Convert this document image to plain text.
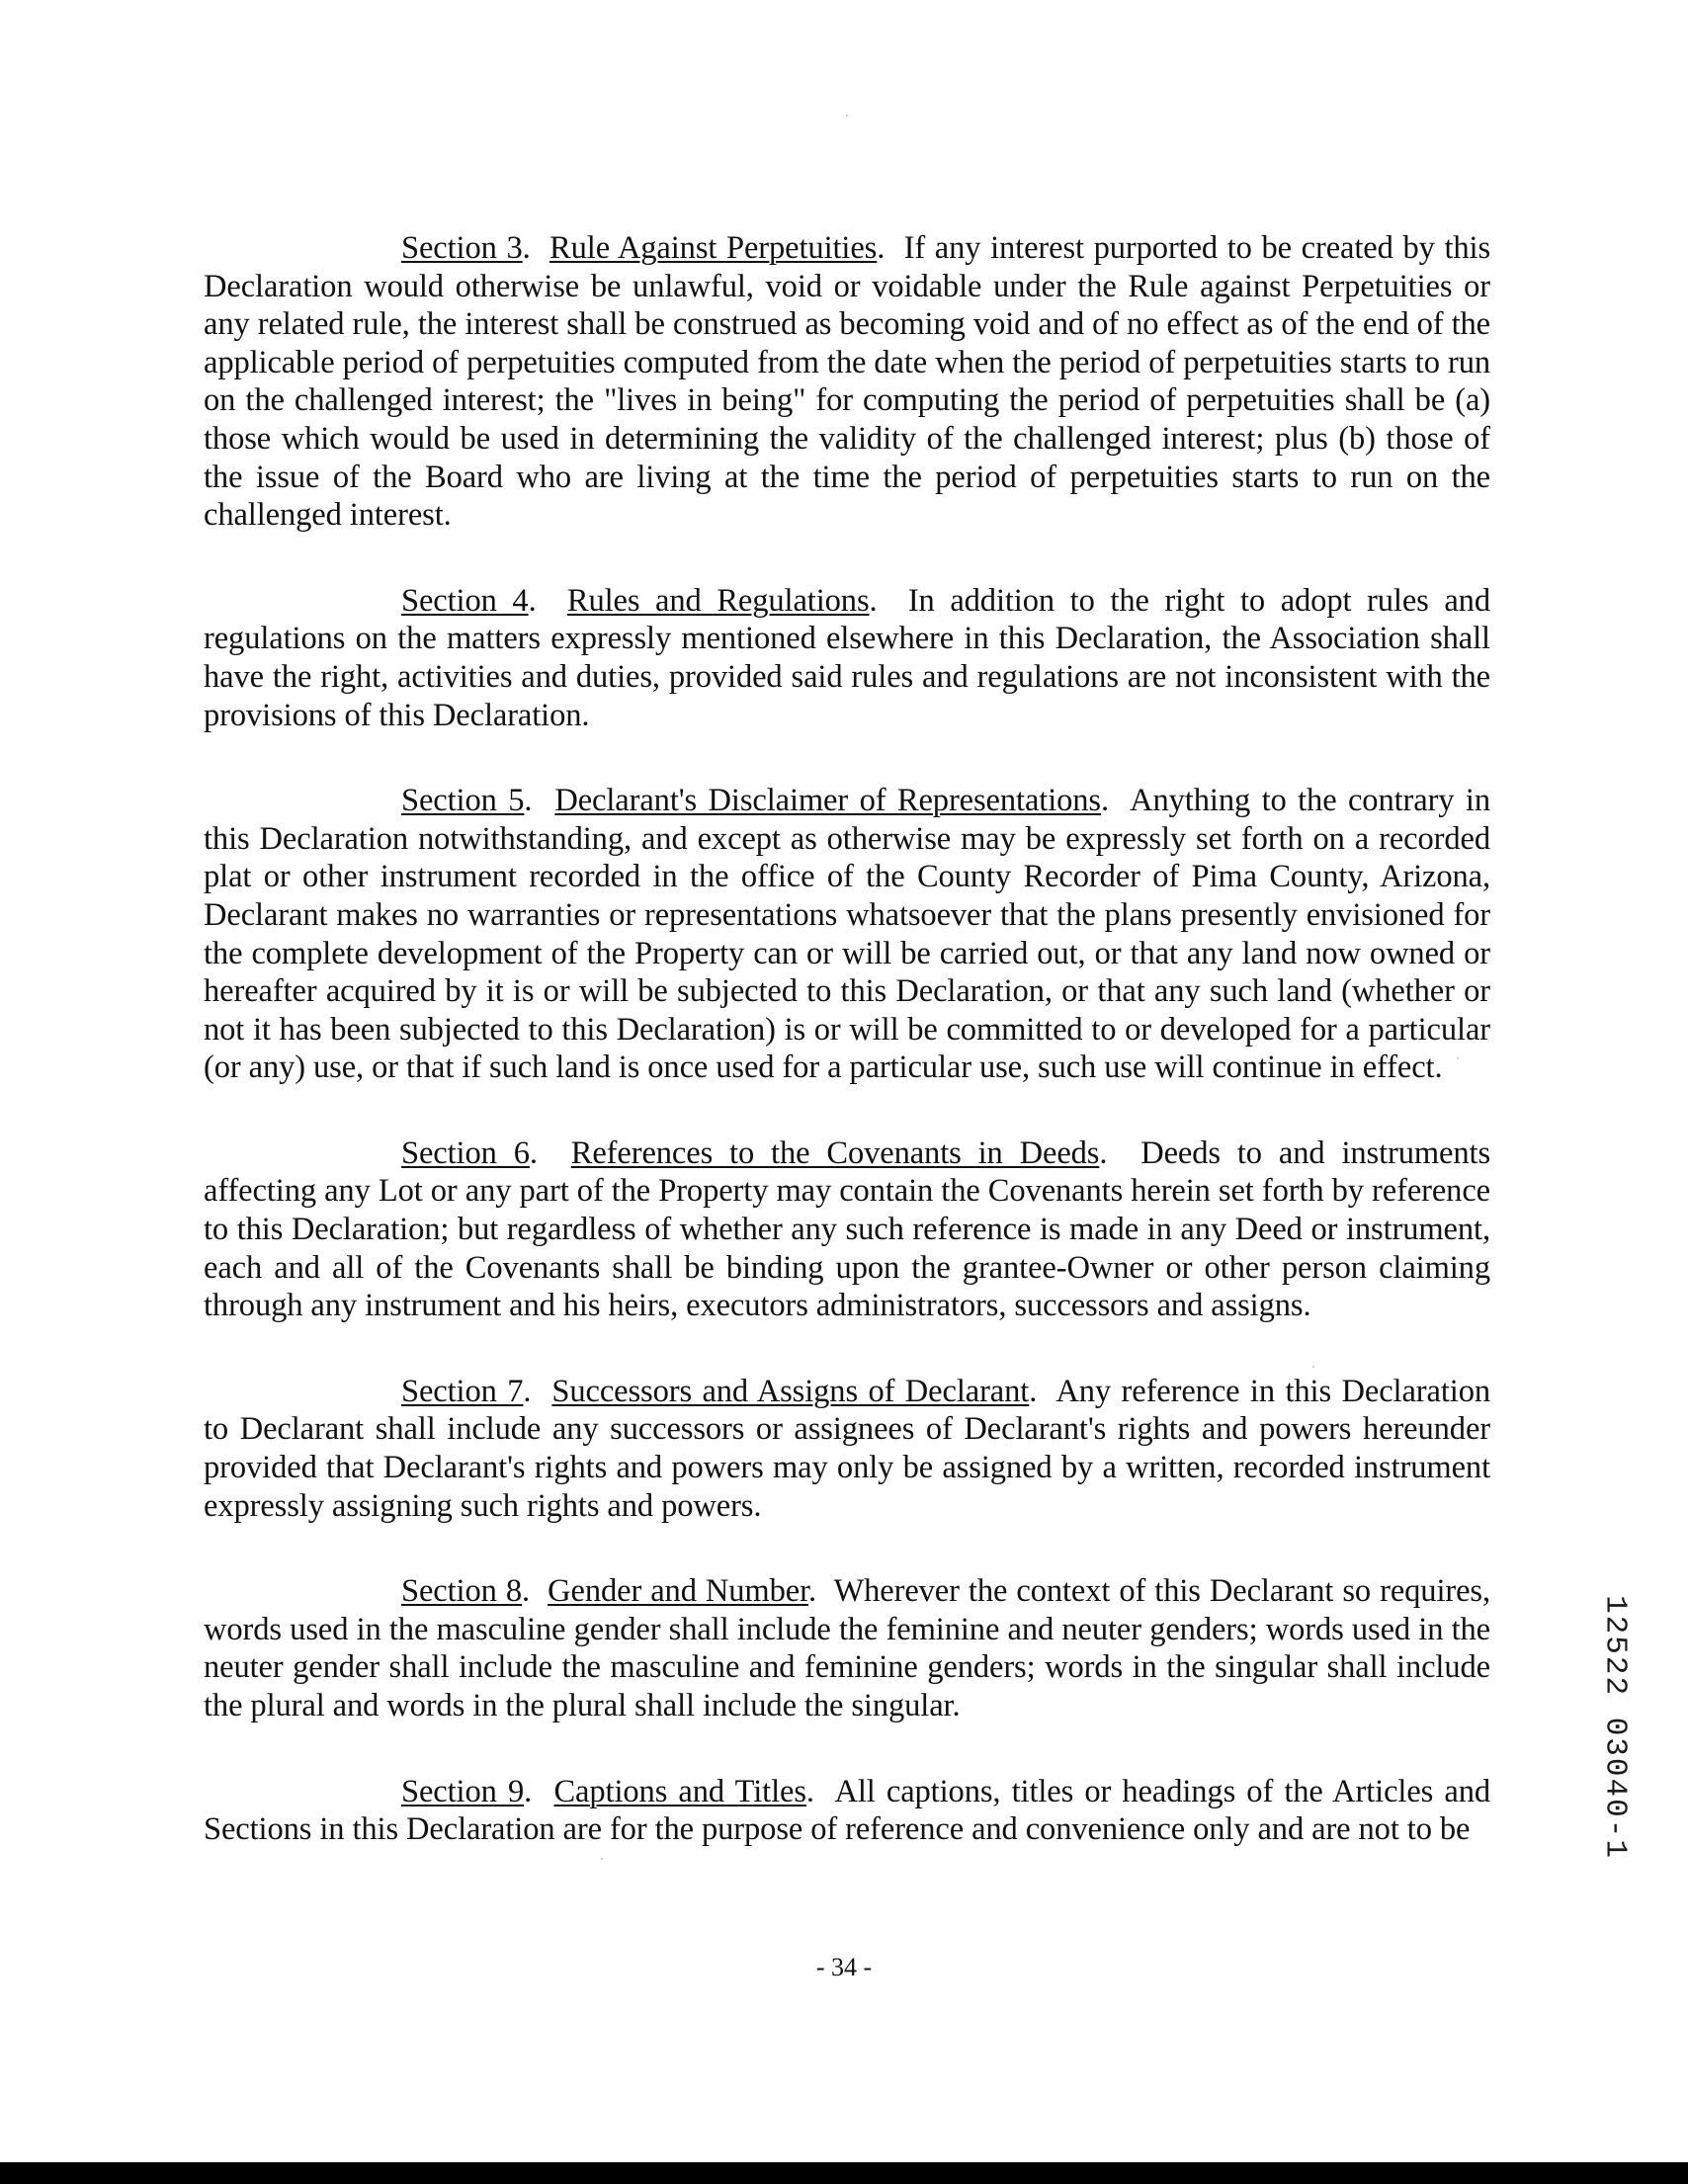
Section 3.  Rule Against Perpetuities.  If any interest purported to be created by this Declaration would otherwise be unlawful, void or voidable under the Rule against Perpetuities or any related rule, the interest shall be construed as becoming void and of no effect as of the end of the applicable period of perpetuities computed from the date when the period of perpetuities starts to run on the challenged interest; the "lives in being" for computing the period of perpetuities shall be (a) those which would be used in determining the validity of the challenged interest; plus (b) those of the issue of the Board who are living at the time the period of perpetuities starts to run on the challenged interest.

Section 4.  Rules and Regulations.  In addition to the right to adopt rules and regulations on the matters expressly mentioned elsewhere in this Declaration, the Association shall have the right, activities and duties, provided said rules and regulations are not inconsistent with the provisions of this Declaration.

Section 5.  Declarant's Disclaimer of Representations.  Anything to the contrary in this Declaration notwithstanding, and except as otherwise may be expressly set forth on a recorded plat or other instrument recorded in the office of the County Recorder of Pima County, Arizona, Declarant makes no warranties or representations whatsoever that the plans presently envisioned for the complete development of the Property can or will be carried out, or that any land now owned or hereafter acquired by it is or will be subjected to this Declaration, or that any such land (whether or not it has been subjected to this Declaration) is or will be committed to or developed for a particular (or any) use, or that if such land is once used for a particular use, such use will continue in effect.

Section 6.  References to the Covenants in Deeds.  Deeds to and instruments affecting any Lot or any part of the Property may contain the Covenants herein set forth by reference to this Declaration; but regardless of whether any such reference is made in any Deed or instrument, each and all of the Covenants shall be binding upon the grantee-Owner or other person claiming through any instrument and his heirs, executors administrators, successors and assigns.

Section 7.  Successors and Assigns of Declarant.  Any reference in this Declaration to Declarant shall include any successors or assignees of Declarant's rights and powers hereunder provided that Declarant's rights and powers may only be assigned by a written, recorded instrument expressly assigning such rights and powers.

Section 8.  Gender and Number.  Wherever the context of this Declarant so requires, words used in the masculine gender shall include the feminine and neuter genders; words used in the neuter gender shall include the masculine and feminine genders; words in the singular shall include the plural and words in the plural shall include the singular.

Section 9.  Captions and Titles.  All captions, titles or headings of the Articles and Sections in this Declaration are for the purpose of reference and convenience only and are not to be

- 34 -
12522 03040-1
